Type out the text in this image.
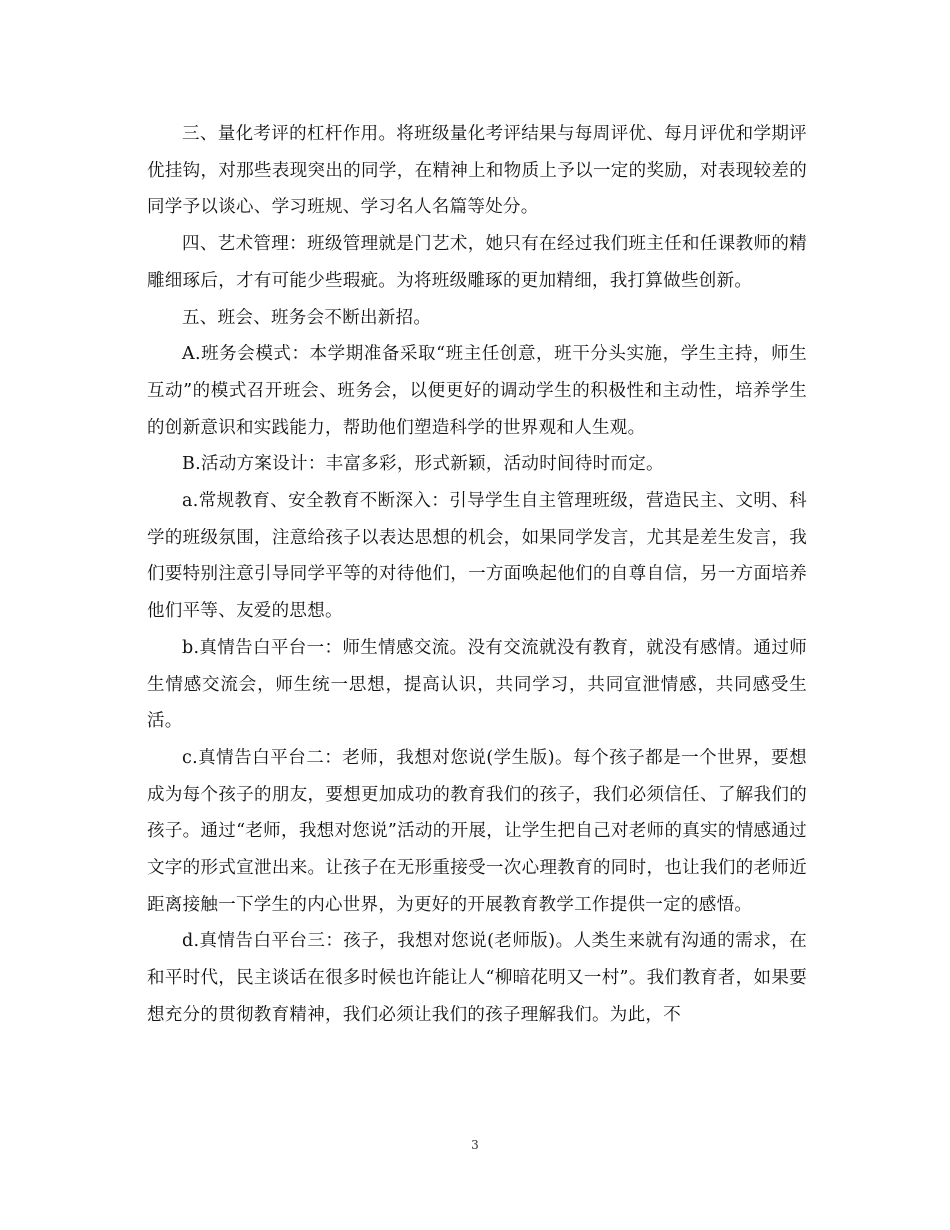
三、量化考评的杠杆作用。将班级量化考评结果与每周评优、每月评优和学期评优挂钩，对那些表现突出的同学，在精神上和物质上予以一定的奖励，对表现较差的同学予以谈心、学习班规、学习名人名篇等处分。

四、艺术管理：班级管理就是门艺术，她只有在经过我们班主任和任课教师的精雕细琢后，才有可能少些瑕疵。为将班级雕琢的更加精细，我打算做些创新。

五、班会、班务会不断出新招。

A.班务会模式：本学期准备采取“班主任创意，班干分头实施，学生主持，师生互动”的模式召开班会、班务会，以便更好的调动学生的积极性和主动性，培养学生的创新意识和实践能力，帮助他们塑造科学的世界观和人生观。

B.活动方案设计：丰富多彩，形式新颖，活动时间待时而定。

a.常规教育、安全教育不断深入：引导学生自主管理班级，营造民主、文明、科学的班级氛围，注意给孩子以表达思想的机会，如果同学发言，尤其是差生发言，我们要特别注意引导同学平等的对待他们，一方面唤起他们的自尊自信，另一方面培养他们平等、友爱的思想。

b.真情告白平台一：师生情感交流。没有交流就没有教育，就没有感情。通过师生情感交流会，师生统一思想，提高认识，共同学习，共同宣泄情感，共同感受生活。

c.真情告白平台二：老师，我想对您说(学生版)。每个孩子都是一个世界，要想成为每个孩子的朋友，要想更加成功的教育我们的孩子，我们必须信任、了解我们的孩子。通过“老师，我想对您说”活动的开展，让学生把自己对老师的真实的情感通过文字的形式宣泄出来。让孩子在无形重接受一次心理教育的同时，也让我们的老师近距离接触一下学生的内心世界，为更好的开展教育教学工作提供一定的感悟。

d.真情告白平台三：孩子，我想对您说(老师版)。人类生来就有沟通的需求，在和平时代，民主谈话在很多时候也许能让人“柳暗花明又一村”。我们教育者，如果要想充分的贯彻教育精神，我们必须让我们的孩子理解我们。为此，不

3
